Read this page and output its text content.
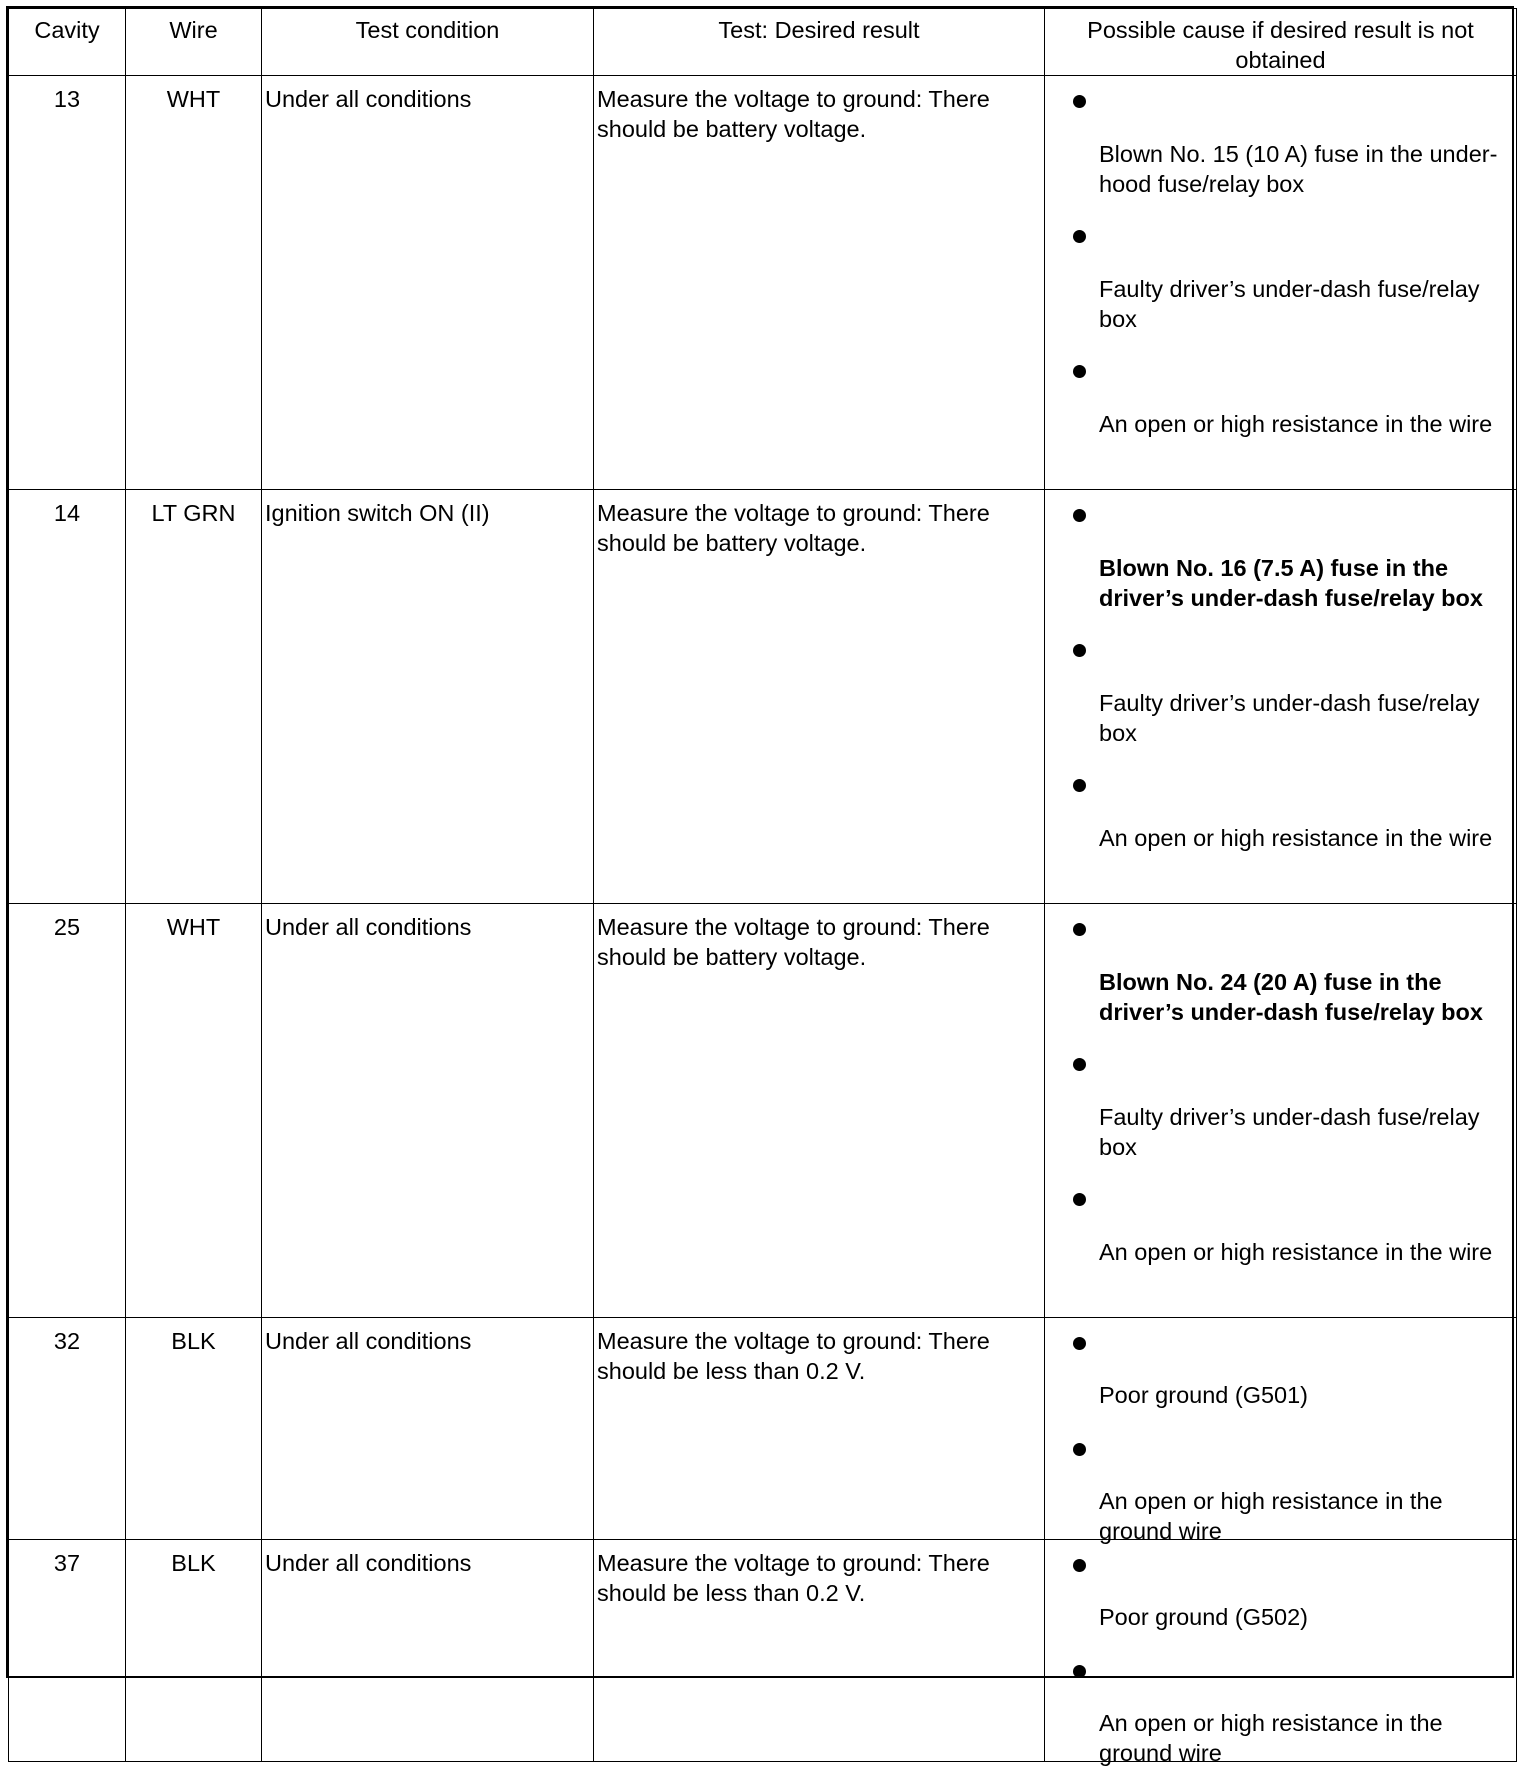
Cavity	Wire	Test condition	Test: Desired result	Possible cause if desired result is not obtained
13	WHT	Under all conditions	Measure the voltage to ground: There should be battery voltage.	Blown No. 15 (10 A) fuse in the under-hood fuse/relay box
Faulty driver’s under-dash fuse/relay box
An open or high resistance in the wire

14	LT GRN	Ignition switch ON (II)	Measure the voltage to ground: There should be battery voltage.	Blown No. 16 (7.5 A) fuse in the driver’s under-dash fuse/relay box
Faulty driver’s under-dash fuse/relay box
An open or high resistance in the wire

25	WHT	Under all conditions	Measure the voltage to ground: There should be battery voltage.	Blown No. 24 (20 A) fuse in the driver’s under-dash fuse/relay box
Faulty driver’s under-dash fuse/relay box
An open or high resistance in the wire

32	BLK	Under all conditions	Measure the voltage to ground: There should be less than 0.2 V.	Poor ground (G501)
An open or high resistance in the ground wire

37	BLK	Under all conditions	Measure the voltage to ground: There should be less than 0.2 V.	Poor ground (G502)
An open or high resistance in the ground wire
